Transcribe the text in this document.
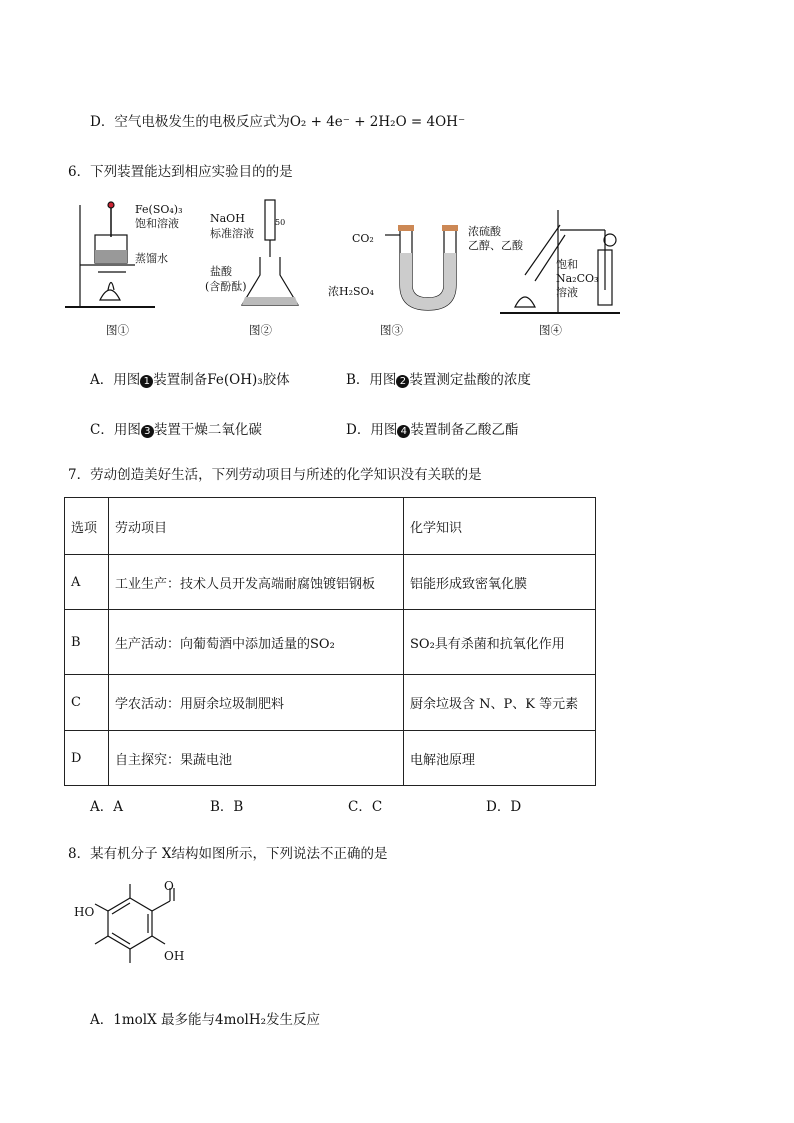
D．空气电极发生的电极反应式为O₂ + 4e⁻ + 2H₂O = 4OH⁻
6．下列装置能达到相应实验目的的是
Fe(SO₄)₃
饱和溶液
蒸馏水
图①
NaOH
标准溶液
盐酸
(含酚酞)
50
图②
CO₂
浓H₂SO₄
图③
浓硫酸
乙醇、乙酸
饱和
Na₂CO₃
溶液
图④
A．用图 1 装置制备Fe(OH)₃胶体	B．用图 2 装置测定盐酸的浓度
C．用图 3 装置干燥二氧化碳	D．用图 4 装置制备乙酸乙酯
7．劳动创造美好生活，下列劳动项目与所述的化学知识没有关联的是
选项	劳动项目	化学知识
A	工业生产：技术人员开发高端耐腐蚀镀铝钢板	铝能形成致密氧化膜
B	生产活动：向葡萄酒中添加适量的SO₂	SO₂具有杀菌和抗氧化作用
C	学农活动：用厨余垃圾制肥料	厨余垃圾含 N、P、K 等元素
D	自主探究：果蔬电池	电解池原理
A．A	B．B	C．C	D．D
8．某有机分子 X结构如图所示，下列说法不正确的是
O
HO
OH
A．1molX 最多能与4molH₂发生反应
